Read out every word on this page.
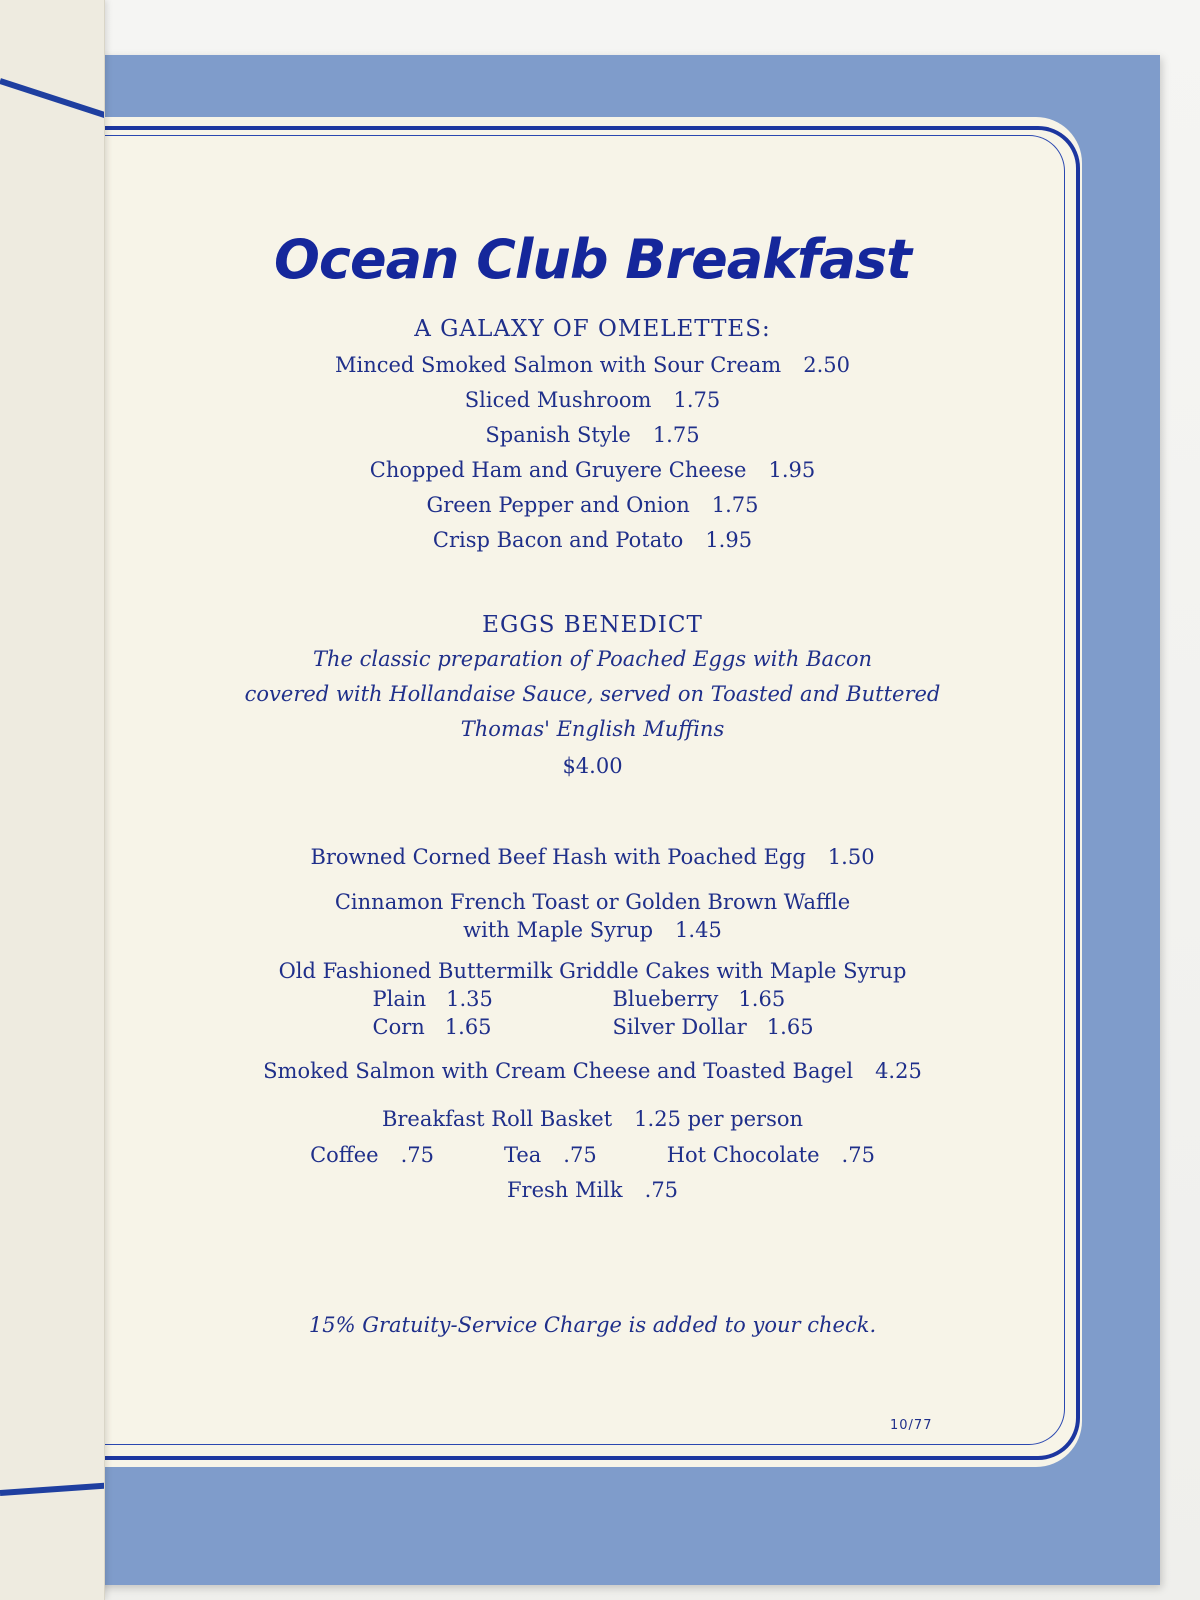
Ocean Club Breakfast

A GALAXY OF OMELETTES:

Minced Smoked Salmon with Sour Cream 2.50

Sliced Mushroom 1.75

Spanish Style 1.75

Chopped Ham and Gruyere Cheese 1.95

Green Pepper and Onion 1.75

Crisp Bacon and Potato 1.95

EGGS BENEDICT

The classic preparation of Poached Eggs with Bacon

covered with Hollandaise Sauce, served on Toasted and Buttered

Thomas' English Muffins

$4.00

Browned Corned Beef Hash with Poached Egg 1.50

Cinnamon French Toast or Golden Brown Waffle

with Maple Syrup 1.45

Old Fashioned Buttermilk Griddle Cakes with Maple Syrup

Plain 1.35	Blueberry 1.65
Corn 1.65	Silver Dollar 1.65

Smoked Salmon with Cream Cheese and Toasted Bagel 4.25

Breakfast Roll Basket 1.25 per person

Coffee .75	Tea .75	Hot Chocolate .75

Fresh Milk .75

15% Gratuity-Service Charge is added to your check.

10/77
